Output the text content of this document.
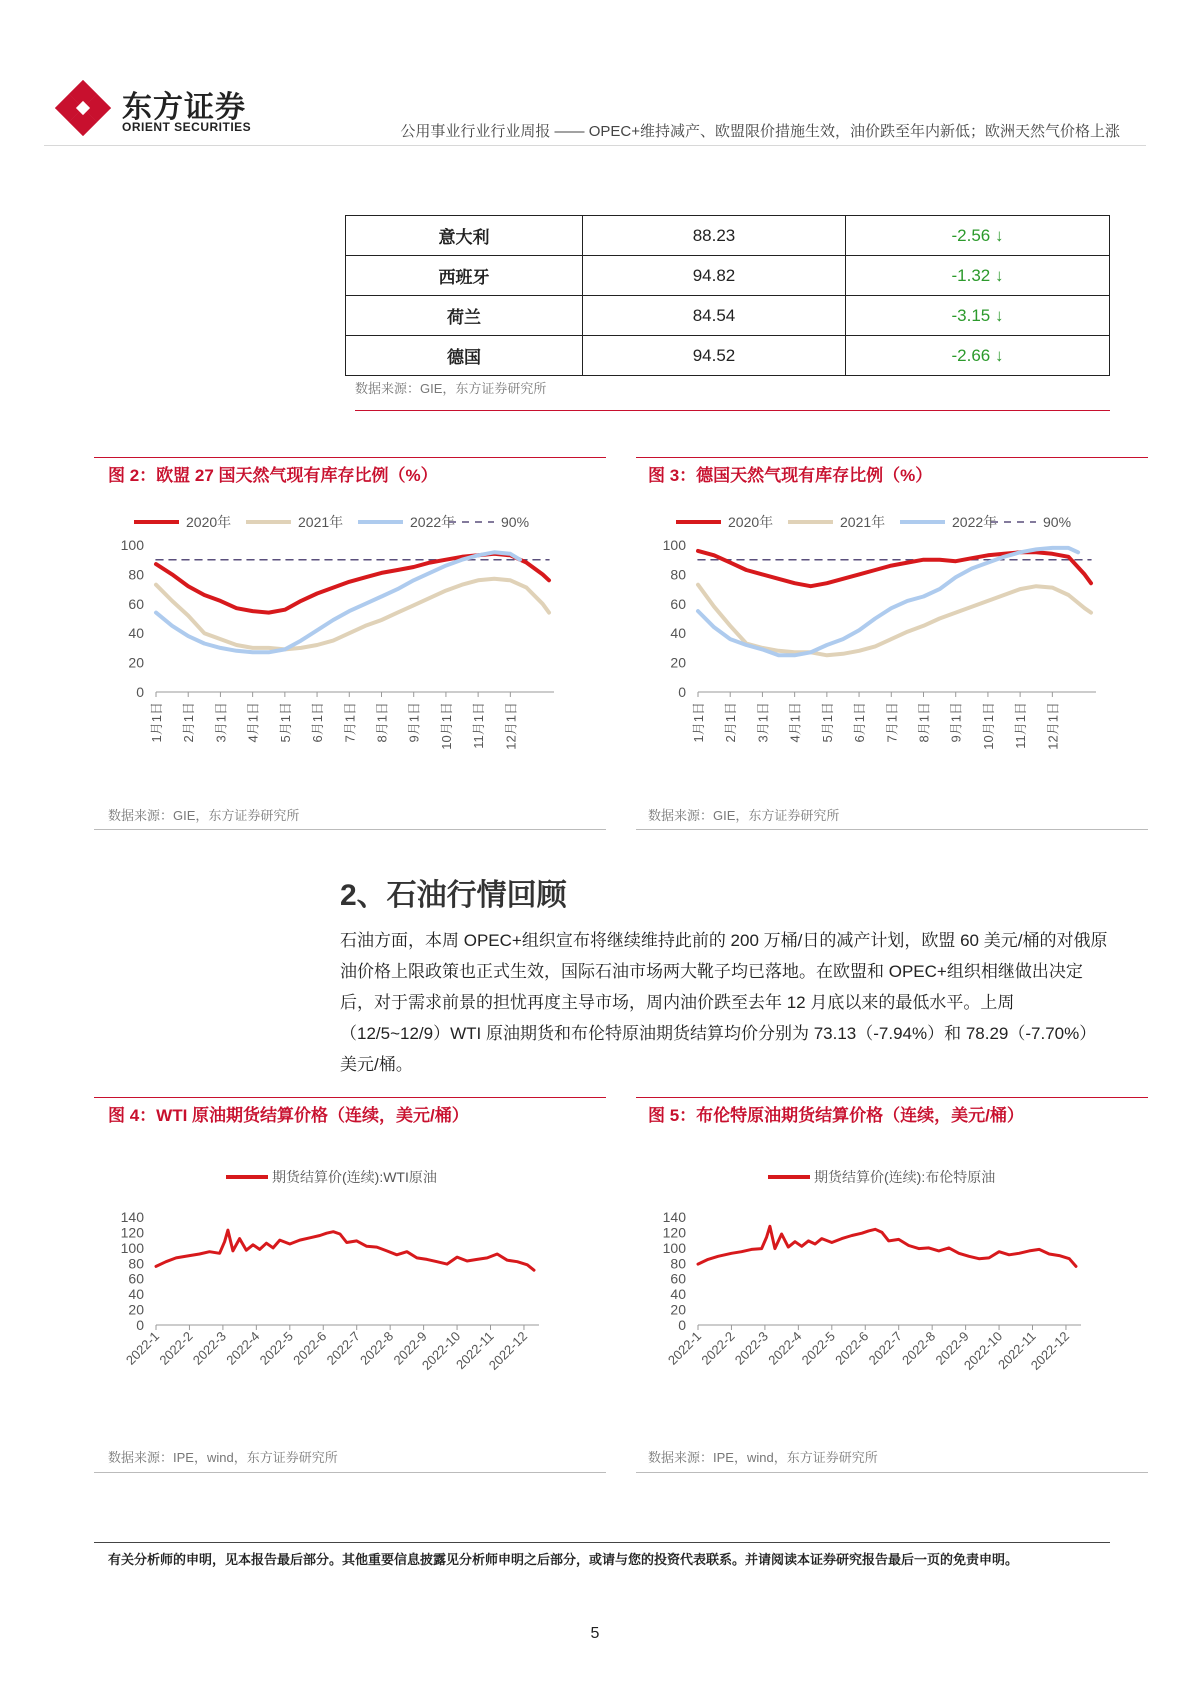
东方证券
ORIENT SECURITIES	公用事业行业行业周报 —— OPEC+维持减产、欧盟限价措施生效，油价跌至年内新低；欧洲天然气价格上涨
意大利	88.23	-2.56 ↓
西班牙	94.82	-1.32 ↓
荷兰	84.54	-3.15 ↓
德国	94.52	-2.66 ↓
数据来源：GIE，东方证券研究所
图 2：欧盟 27 国天然气现有库存比例（%）
2020年	2021年	2022年	90%
0
20
40
60
80
100
1月1日 2月1日 3月1日 4月1日 5月1日 6月1日 7月1日 8月1日 9月1日 10月1日 11月1日 12月1日
数据来源：GIE，东方证券研究所
图 3：德国天然气现有库存比例（%）
2020年	2021年	2022年	90%
0
20
40
60
80
100
1月1日 2月1日 3月1日 4月1日 5月1日 6月1日 7月1日 8月1日 9月1日 10月1日 11月1日 12月1日
数据来源：GIE，东方证券研究所
2、石油行情回顾
石油方面，本周 OPEC+组织宣布将继续维持此前的 200 万桶/日的减产计划，欧盟 60 美元/桶的对俄原油价格上限政策也正式生效，国际石油市场两大靴子均已落地。在欧盟和 OPEC+组织相继做出决定后，对于需求前景的担忧再度主导市场，周内油价跌至去年 12 月底以来的最低水平。上周（12/5~12/9）WTI 原油期货和布伦特原油期货结算均价分别为 73.13（-7.94%）和 78.29（-7.70%）美元/桶。
图 4：WTI 原油期货结算价格（连续，美元/桶）
期货结算价(连续):WTI原油
0
20
40
60
80
100
120
140
2022-1
2022-2
2022-3
2022-4
2022-5
2022-6
2022-7
2022-8
2022-9
2022-10
2022-11
2022-12
数据来源：IPE，wind，东方证券研究所
图 5：布伦特原油期货结算价格（连续，美元/桶）
期货结算价(连续):布伦特原油
0
20
40
60
80
100
120
140
2022-1
2022-2
2022-3
2022-4
2022-5
2022-6
2022-7
2022-8
2022-9
2022-10
2022-11
2022-12
数据来源：IPE，wind，东方证券研究所
有关分析师的申明，见本报告最后部分。其他重要信息披露见分析师申明之后部分，或请与您的投资代表联系。并请阅读本证券研究报告最后一页的免责申明。
5
